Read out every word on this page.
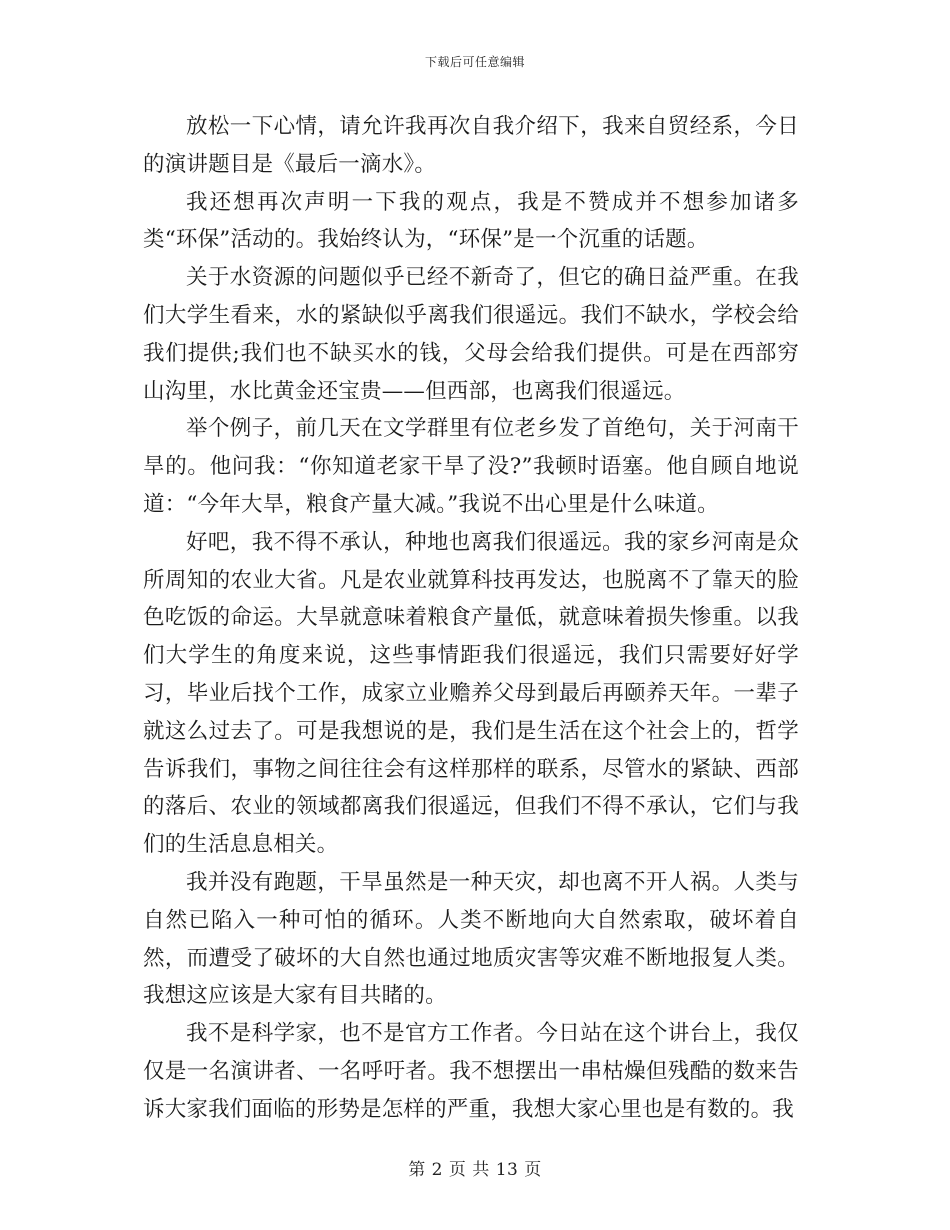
下载后可任意编辑

放松一下心情，请允许我再次自我介绍下，我来自贸经系，今日的演讲题目是《最后一滴水》。

我还想再次声明一下我的观点，我是不赞成并不想参加诸多类“环保”活动的。我始终认为，“环保”是一个沉重的话题。

关于水资源的问题似乎已经不新奇了，但它的确日益严重。在我们大学生看来，水的紧缺似乎离我们很遥远。我们不缺水，学校会给我们提供;我们也不缺买水的钱，父母会给我们提供。可是在西部穷山沟里，水比黄金还宝贵——但西部，也离我们很遥远。

举个例子，前几天在文学群里有位老乡发了首绝句，关于河南干旱的。他问我：“你知道老家干旱了没?”我顿时语塞。他自顾自地说道：“今年大旱，粮食产量大减。”我说不出心里是什么味道。

好吧，我不得不承认，种地也离我们很遥远。我的家乡河南是众所周知的农业大省。凡是农业就算科技再发达，也脱离不了靠天的脸色吃饭的命运。大旱就意味着粮食产量低，就意味着损失惨重。以我们大学生的角度来说，这些事情距我们很遥远，我们只需要好好学习，毕业后找个工作，成家立业赡养父母到最后再颐养天年。一辈子就这么过去了。可是我想说的是，我们是生活在这个社会上的，哲学告诉我们，事物之间往往会有这样那样的联系，尽管水的紧缺、西部的落后、农业的领域都离我们很遥远，但我们不得不承认，它们与我们的生活息息相关。

我并没有跑题，干旱虽然是一种天灾，却也离不开人祸。人类与自然已陷入一种可怕的循环。人类不断地向大自然索取，破坏着自然，而遭受了破坏的大自然也通过地质灾害等灾难不断地报复人类。我想这应该是大家有目共睹的。

我不是科学家，也不是官方工作者。今日站在这个讲台上，我仅仅是一名演讲者、一名呼吁者。我不想摆出一串枯燥但残酷的数来告诉大家我们面临的形势是怎样的严重，我想大家心里也是有数的。我

第 2 页 共 13 页
